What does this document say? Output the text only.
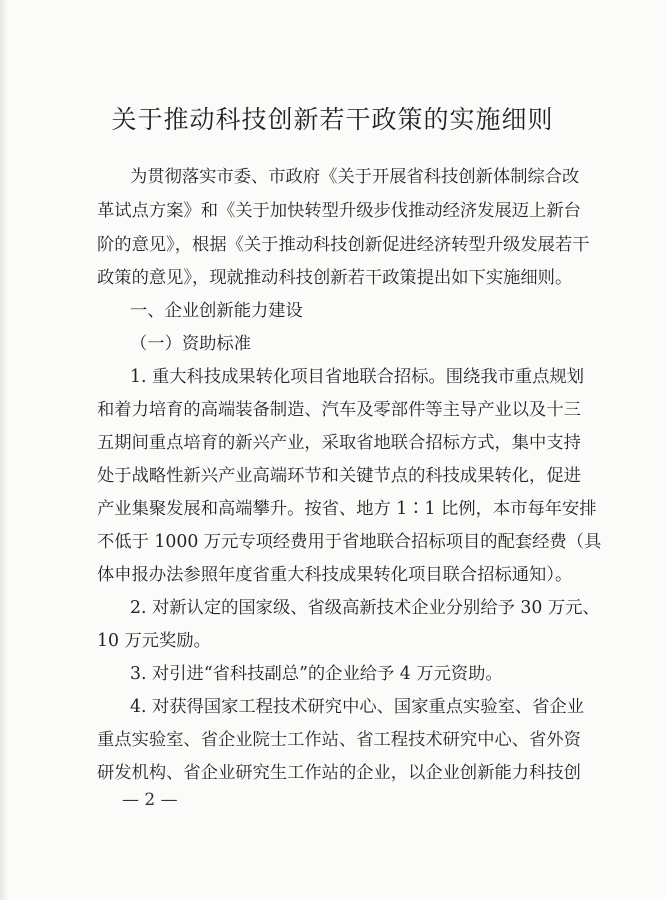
关于推动科技创新若干政策的实施细则
为贯彻落实市委、市政府《关于开展省科技创新体制综合改
革试点方案》和《关于加快转型升级步伐推动经济发展迈上新台
阶的意见》，根据《关于推动科技创新促进经济转型升级发展若干
政策的意见》，现就推动科技创新若干政策提出如下实施细则。
一、企业创新能力建设
（一）资助标准
1. 重大科技成果转化项目省地联合招标。围绕我市重点规划
和着力培育的高端装备制造、汽车及零部件等主导产业以及十三
五期间重点培育的新兴产业，采取省地联合招标方式，集中支持
处于战略性新兴产业高端环节和关键节点的科技成果转化，促进
产业集聚发展和高端攀升。按省、地方 1∶1 比例，本市每年安排
不低于 1000 万元专项经费用于省地联合招标项目的配套经费（具
体申报办法参照年度省重大科技成果转化项目联合招标通知）。
2. 对新认定的国家级、省级高新技术企业分别给予 30 万元、
10 万元奖励。
3. 对引进“省科技副总”的企业给予 4 万元资助。
4. 对获得国家工程技术研究中心、国家重点实验室、省企业
重点实验室、省企业院士工作站、省工程技术研究中心、省外资
研发机构、省企业研究生工作站的企业，以企业创新能力科技创
— 2 —
